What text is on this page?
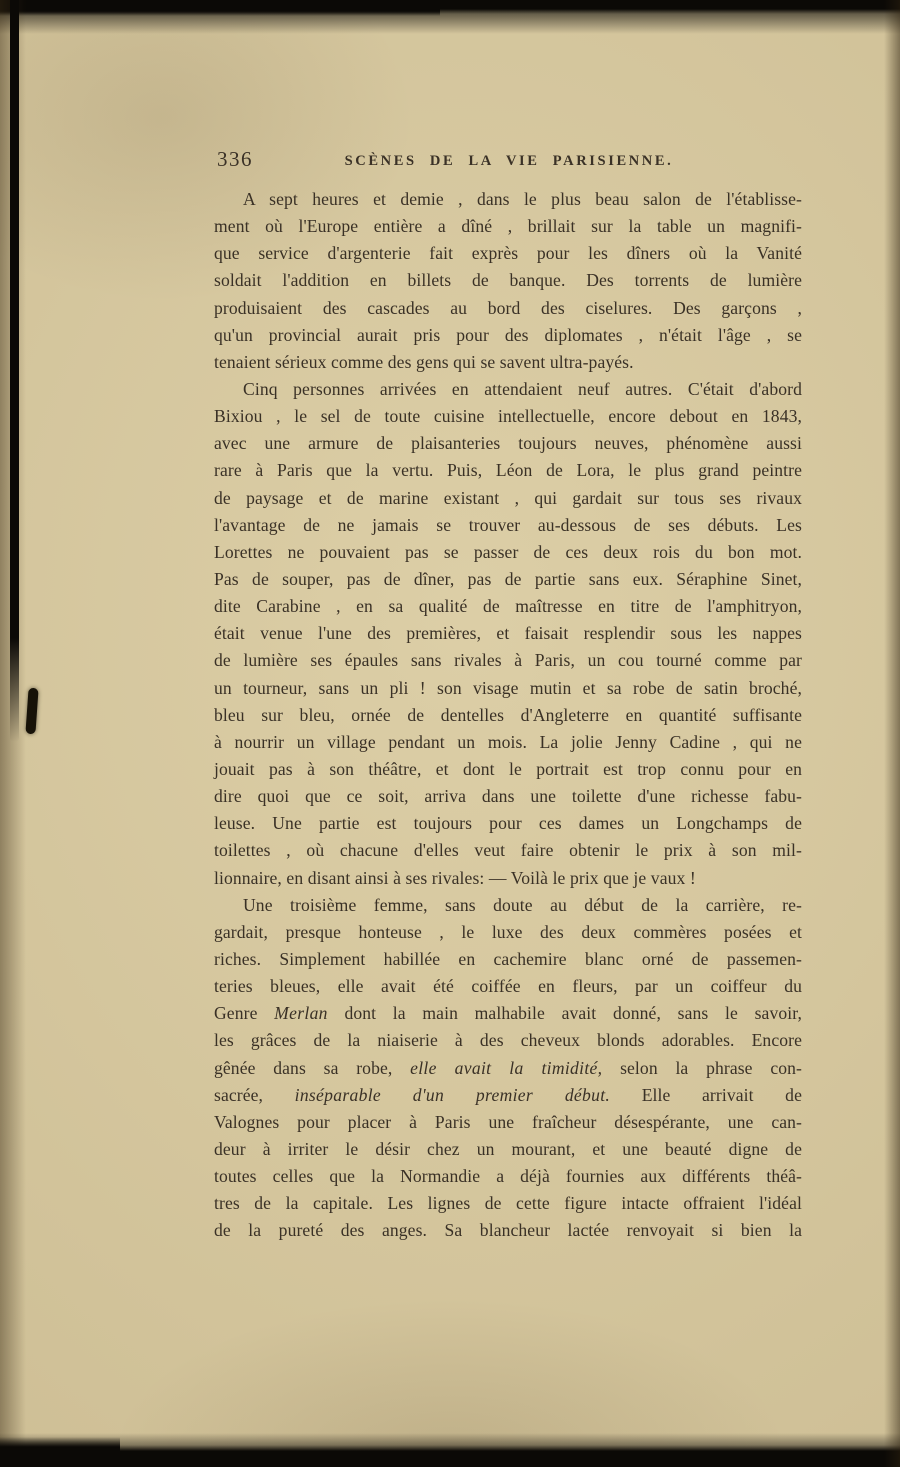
336	SCÈNES DE LA VIE PARISIENNE.
A sept heures et demie , dans le plus beau salon de l'établisse-
ment où l'Europe entière a dîné , brillait sur la table un magnifi-
que service d'argenterie fait exprès pour les dîners où la Vanité
soldait l'addition en billets de banque. Des torrents de lumière
produisaient des cascades au bord des ciselures. Des garçons ,
qu'un provincial aurait pris pour des diplomates , n'était l'âge , se
tenaient sérieux comme des gens qui se savent ultra-payés.
Cinq personnes arrivées en attendaient neuf autres. C'était d'abord
Bixiou , le sel de toute cuisine intellectuelle, encore debout en 1843,
avec une armure de plaisanteries toujours neuves, phénomène aussi
rare à Paris que la vertu. Puis, Léon de Lora, le plus grand peintre
de paysage et de marine existant , qui gardait sur tous ses rivaux
l'avantage de ne jamais se trouver au-dessous de ses débuts. Les
Lorettes ne pouvaient pas se passer de ces deux rois du bon mot.
Pas de souper, pas de dîner, pas de partie sans eux. Séraphine Sinet,
dite Carabine , en sa qualité de maîtresse en titre de l'amphitryon,
était venue l'une des premières, et faisait resplendir sous les nappes
de lumière ses épaules sans rivales à Paris, un cou tourné comme par
un tourneur, sans un pli ! son visage mutin et sa robe de satin broché,
bleu sur bleu, ornée de dentelles d'Angleterre en quantité suffisante
à nourrir un village pendant un mois. La jolie Jenny Cadine , qui ne
jouait pas à son théâtre, et dont le portrait est trop connu pour en
dire quoi que ce soit, arriva dans une toilette d'une richesse fabu-
leuse. Une partie est toujours pour ces dames un Longchamps de
toilettes , où chacune d'elles veut faire obtenir le prix à son mil-
lionnaire, en disant ainsi à ses rivales: — Voilà le prix que je vaux !
Une troisième femme, sans doute au début de la carrière, re-
gardait, presque honteuse , le luxe des deux commères posées et
riches. Simplement habillée en cachemire blanc orné de passemen-
teries bleues, elle avait été coiffée en fleurs, par un coiffeur du
Genre Merlan dont la main malhabile avait donné, sans le savoir,
les grâces de la niaiserie à des cheveux blonds adorables. Encore
gênée dans sa robe, elle avait la timidité, selon la phrase con-
sacrée, inséparable d'un premier début. Elle arrivait de
Valognes pour placer à Paris une fraîcheur désespérante, une can-
deur à irriter le désir chez un mourant, et une beauté digne de
toutes celles que la Normandie a déjà fournies aux différents théâ-
tres de la capitale. Les lignes de cette figure intacte offraient l'idéal
de la pureté des anges. Sa blancheur lactée renvoyait si bien la
